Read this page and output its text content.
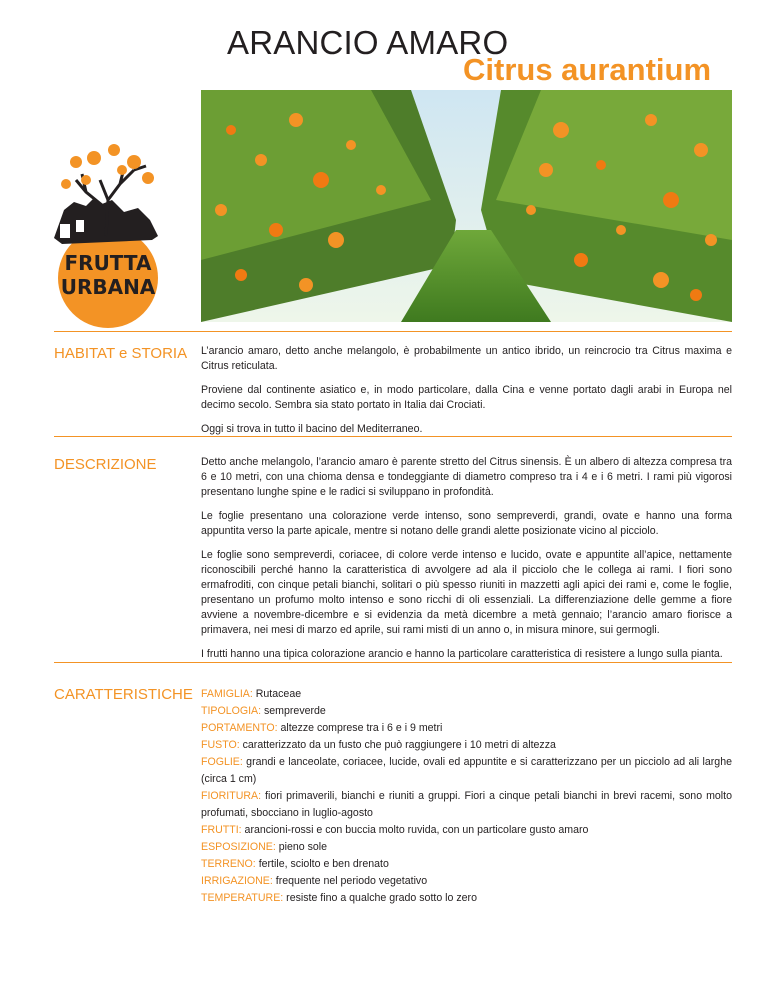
ARANCIO AMARO
Citrus aurantium
FRUTTA
URBANA
HABITAT e STORIA L’arancio amaro, detto anche melangolo, è probabilmente un antico ibrido, un reincrocio tra Citrus maxima e Citrus reticulata.

Proviene dal continente asiatico e, in modo particolare, dalla Cina e venne portato dagli arabi in Europa nel decimo secolo. Sembra sia stato portato in Italia dai Crociati.

Oggi si trova in tutto il bacino del Mediterraneo.

DESCRIZIONE	Detto anche melangolo, l’arancio amaro è parente stretto del Citrus sinensis. È un albero di altezza compresa tra 6 e 10 metri, con una chioma densa e tondeggiante di diametro compreso tra i 4 e i 6 metri. I rami più vigorosi presentano lunghe spine e le radici si sviluppano in profondità.

Le foglie presentano una colorazione verde intenso, sono sempreverdi, grandi, ovate e hanno una forma appuntita verso la parte apicale, mentre si notano delle grandi alette posizionate vicino al picciolo.

Le foglie sono sempreverdi, coriacee, di colore verde intenso e lucido, ovate e appuntite all’apice, nettamente riconoscibili perché hanno la caratteristica di avvolgere ad ala il picciolo che le collega ai rami. I fiori sono ermafroditi, con cinque petali bianchi, solitari o più spesso riuniti in mazzetti agli apici dei rami e, come le foglie, presentano un profumo molto intenso e sono ricchi di oli essenziali. La differenziazione delle gemme a fiore avviene a novembre-dicembre e si evidenzia da metà dicembre a metà gennaio; l’arancio amaro fiorisce a primavera, nei mesi di marzo ed aprile, sui rami misti di un anno o, in misura minore, sui germogli.

I frutti hanno una tipica colorazione arancio e hanno la particolare caratteristica di resistere a lungo sulla pianta.

CARATTERISTICHE FAMIGLIA: Rutaceae
TIPOLOGIA: sempreverde
PORTAMENTO: altezze comprese tra i 6 e i 9 metri
FUSTO: caratterizzato da un fusto che può raggiungere i 10 metri di altezza
FOGLIE: grandi e lanceolate, coriacee, lucide, ovali ed appuntite e si caratterizzano per un picciolo ad ali larghe (circa 1 cm)
FIORITURA: fiori primaverili, bianchi e riuniti a gruppi. Fiori a cinque petali bianchi in brevi racemi, sono molto profumati, sbocciano in luglio-agosto
FRUTTI: arancioni-rossi e con buccia molto ruvida, con un particolare gusto amaro
ESPOSIZIONE: pieno sole
TERRENO: fertile, sciolto e ben drenato
IRRIGAZIONE: frequente nel periodo vegetativo
TEMPERATURE: resiste fino a qualche grado sotto lo zero
